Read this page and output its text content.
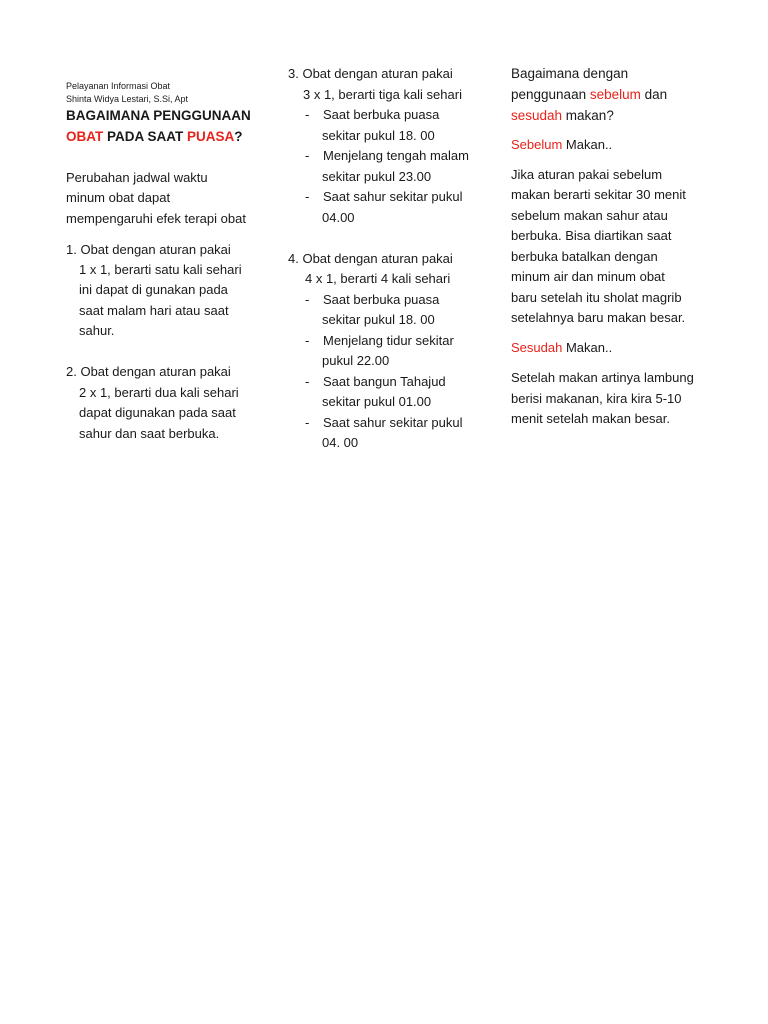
Pelayanan Informasi Obat
Shinta Widya Lestari, S.Si, Apt
BAGAIMANA PENGGUNAAN
OBAT PADA SAAT PUASA?
Perubahan jadwal waktu
minum obat dapat
mempengaruhi efek terapi obat
1. Obat dengan aturan pakai
1 x 1, berarti satu kali sehari
ini dapat di gunakan pada
saat malam hari atau saat
sahur.
2. Obat dengan aturan pakai
2 x 1, berarti dua kali sehari
dapat digunakan pada saat
sahur dan saat berbuka.
3. Obat dengan aturan pakai
3 x 1, berarti tiga kali sehari
- Saat berbuka puasa
sekitar pukul 18. 00
- Menjelang tengah malam
sekitar pukul 23.00
- Saat sahur sekitar pukul
04.00
4. Obat dengan aturan pakai
4 x 1, berarti 4 kali sehari
- Saat berbuka puasa
sekitar pukul 18. 00
- Menjelang tidur sekitar
pukul 22.00
- Saat bangun Tahajud
sekitar pukul 01.00
- Saat sahur sekitar pukul
04. 00
Bagaimana dengan
penggunaan sebelum dan
sesudah makan?
Sebelum Makan..
Jika aturan pakai sebelum
makan berarti sekitar 30 menit
sebelum makan sahur atau
berbuka. Bisa diartikan saat
berbuka batalkan dengan
minum air dan minum obat
baru setelah itu sholat magrib
setelahnya baru makan besar.
Sesudah Makan..
Setelah makan artinya lambung
berisi makanan, kira kira 5-10
menit setelah makan besar.
